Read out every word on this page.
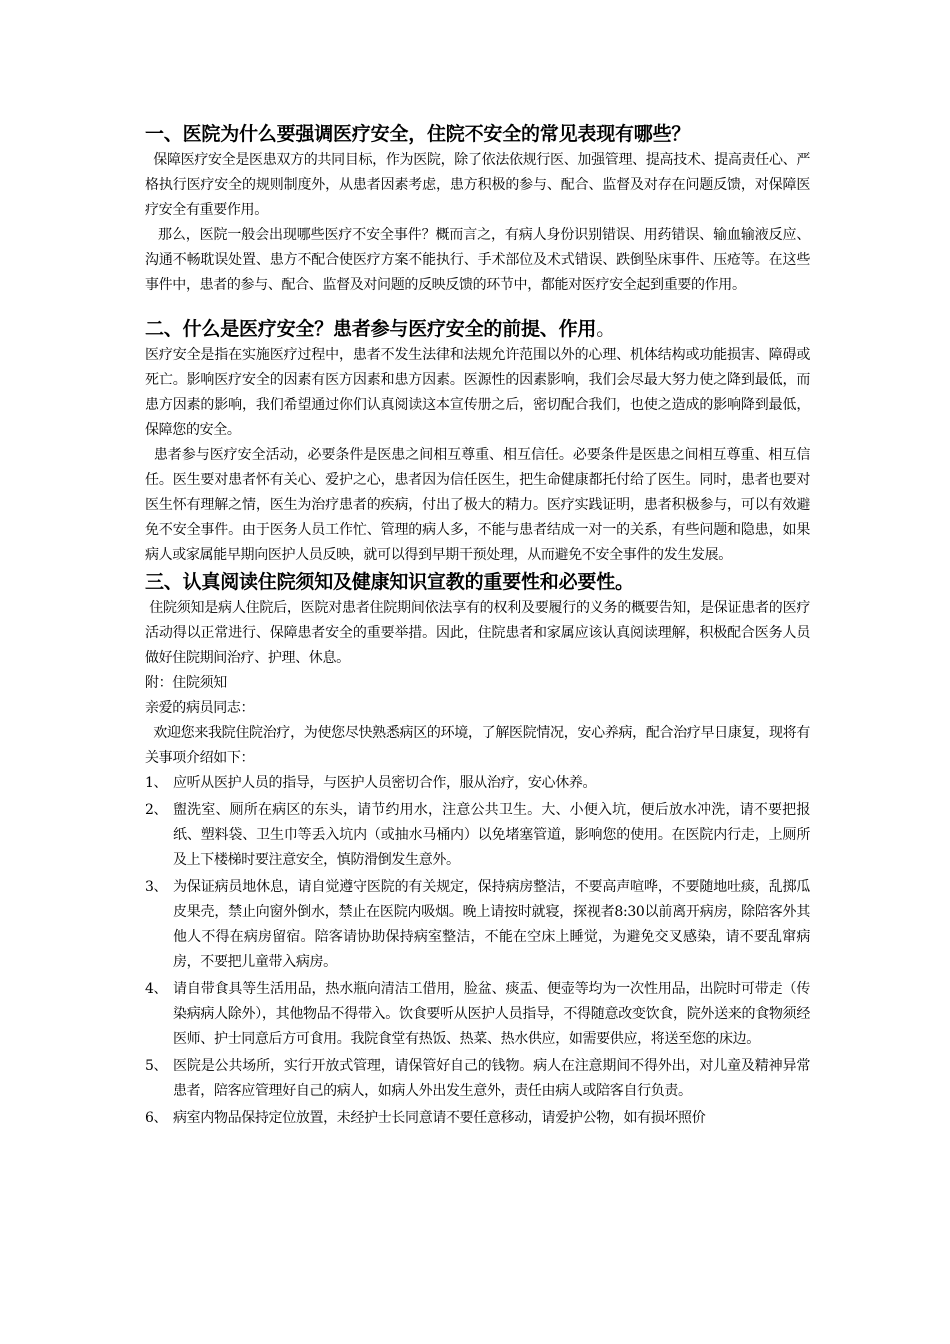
一、医院为什么要强调医疗安全，住院不安全的常见表现有哪些？

保障医疗安全是医患双方的共同目标，作为医院，除了依法依规行医、加强管理、提高技术、提高责任心、严格执行医疗安全的规则制度外，从患者因素考虑，患方积极的参与、配合、监督及对存在问题反馈，对保障医疗安全有重要作用。

那么，医院一般会出现哪些医疗不安全事件？概而言之，有病人身份识别错误、用药错误、输血输液反应、沟通不畅耽误处置、患方不配合使医疗方案不能执行、手术部位及术式错误、跌倒坠床事件、压疮等。在这些事件中，患者的参与、配合、监督及对问题的反映反馈的环节中，都能对医疗安全起到重要的作用。

二、什么是医疗安全？患者参与医疗安全的前提、作用。

医疗安全是指在实施医疗过程中，患者不发生法律和法规允许范围以外的心理、机体结构或功能损害、障碍或死亡。影响医疗安全的因素有医方因素和患方因素。医源性的因素影响，我们会尽最大努力使之降到最低，而患方因素的影响，我们希望通过你们认真阅读这本宣传册之后，密切配合我们，也使之造成的影响降到最低，保障您的安全。

患者参与医疗安全活动，必要条件是医患之间相互尊重、相互信任。必要条件是医患之间相互尊重、相互信任。医生要对患者怀有关心、爱护之心，患者因为信任医生，把生命健康都托付给了医生。同时，患者也要对医生怀有理解之情，医生为治疗患者的疾病，付出了极大的精力。医疗实践证明，患者积极参与，可以有效避免不安全事件。由于医务人员工作忙、管理的病人多，不能与患者结成一对一的关系，有些问题和隐患，如果病人或家属能早期向医护人员反映，就可以得到早期干预处理，从而避免不安全事件的发生发展。

三、认真阅读住院须知及健康知识宣教的重要性和必要性。

住院须知是病人住院后，医院对患者住院期间依法享有的权利及要履行的义务的概要告知，是保证患者的医疗活动得以正常进行、保障患者安全的重要举措。因此，住院患者和家属应该认真阅读理解，积极配合医务人员做好住院期间治疗、护理、休息。

附：住院须知

亲爱的病员同志：

欢迎您来我院住院治疗，为使您尽快熟悉病区的环境，了解医院情况，安心养病，配合治疗早日康复，现将有关事项介绍如下：

1、 应听从医护人员的指导，与医护人员密切合作，服从治疗，安心休养。
2、 盥洗室、厕所在病区的东头，请节约用水，注意公共卫生。大、小便入坑，便后放水冲洗，请不要把报纸、塑料袋、卫生巾等丢入坑内（或抽水马桶内）以免堵塞管道，影响您的使用。在医院内行走，上厕所及上下楼梯时要注意安全，慎防滑倒发生意外。
3、 为保证病员地休息，请自觉遵守医院的有关规定，保持病房整洁，不要高声喧哗，不要随地吐痰，乱掷瓜皮果壳，禁止向窗外倒水，禁止在医院内吸烟。晚上请按时就寝，探视者8:30以前离开病房，除陪客外其他人不得在病房留宿。陪客请协助保持病室整洁，不能在空床上睡觉，为避免交叉感染，请不要乱窜病房，不要把儿童带入病房。
4、 请自带食具等生活用品，热水瓶向清洁工借用，脸盆、痰盂、便壶等均为一次性用品，出院时可带走（传染病病人除外），其他物品不得带入。饮食要听从医护人员指导，不得随意改变饮食，院外送来的食物须经医师、护士同意后方可食用。我院食堂有热饭、热菜、热水供应，如需要供应，将送至您的床边。
5、 医院是公共场所，实行开放式管理，请保管好自己的钱物。病人在注意期间不得外出，对儿童及精神异常患者，陪客应管理好自己的病人，如病人外出发生意外，责任由病人或陪客自行负责。
6、 病室内物品保持定位放置，未经护士长同意请不要任意移动，请爱护公物，如有损坏照价
